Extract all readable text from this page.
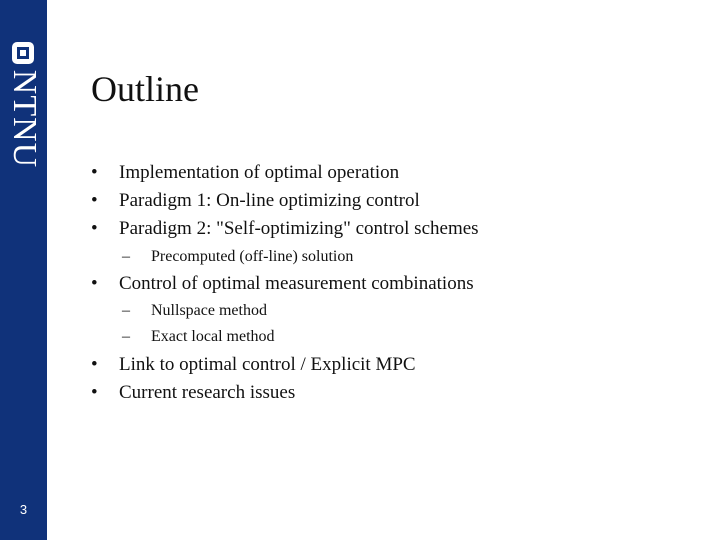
NTNU
3
Outline
• Implementation of optimal operation
• Paradigm 1: On-line optimizing control
• Paradigm 2: "Self-optimizing" control schemes
– Precomputed (off-line) solution
• Control of optimal measurement combinations
– Nullspace method
– Exact local method
• Link to optimal control / Explicit MPC
• Current research issues
